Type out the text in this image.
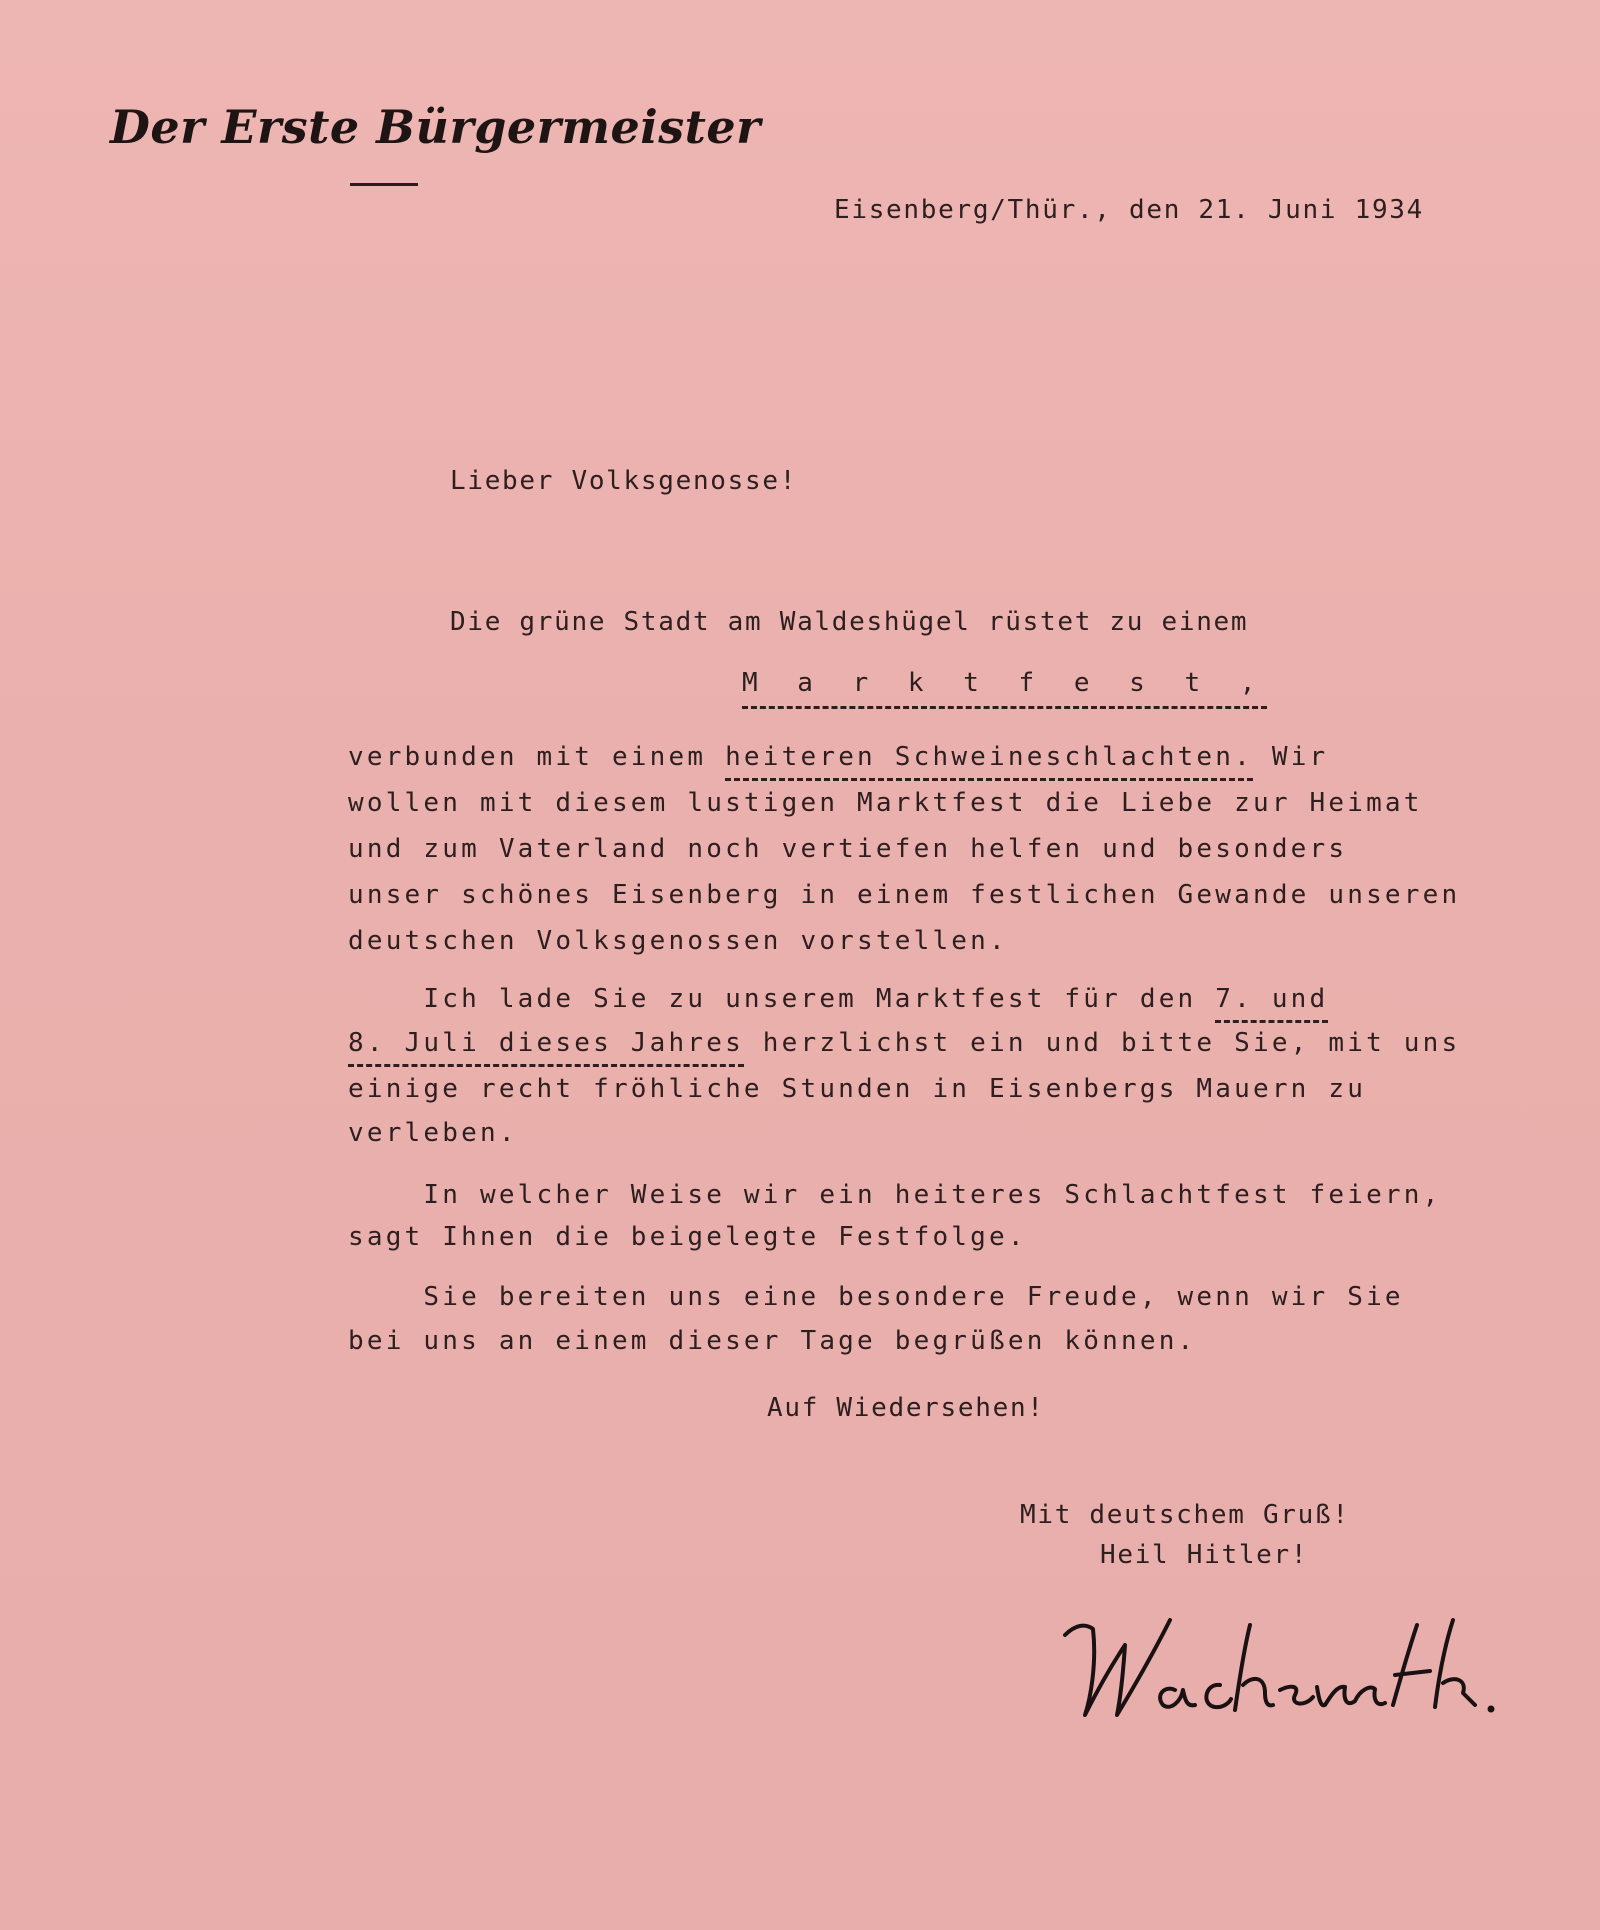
Der Erste Bürgermeister
Eisenberg/Thür., den 21. Juni 1934
Lieber Volksgenosse!
Die grüne Stadt am Waldeshügel rüstet zu einem
M a r k t f e s t ,
verbunden mit einem heiteren Schweineschlachten. Wir
wollen mit diesem lustigen Marktfest die Liebe zur Heimat
und zum Vaterland noch vertiefen helfen und besonders
unser schönes Eisenberg in einem festlichen Gewande unseren
deutschen Volksgenossen vorstellen.
Ich lade Sie zu unserem Marktfest für den 7. und
8. Juli dieses Jahres herzlichst ein und bitte Sie, mit uns
einige recht fröhliche Stunden in Eisenbergs Mauern zu
verleben.
In welcher Weise wir ein heiteres Schlachtfest feiern,
sagt Ihnen die beigelegte Festfolge.
Sie bereiten uns eine besondere Freude, wenn wir Sie
bei uns an einem dieser Tage begrüßen können.
Auf Wiedersehen!
Mit deutschem Gruß!
Heil Hitler!
